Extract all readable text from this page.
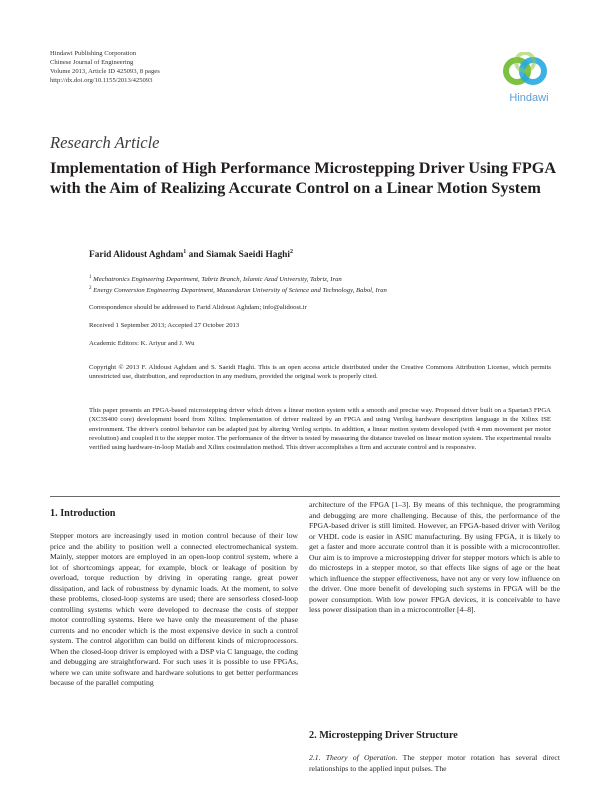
Hindawi Publishing Corporation
Chinese Journal of Engineering
Volume 2013, Article ID 425093, 8 pages
http://dx.doi.org/10.1155/2013/425093
Hindawi
Research Article
Implementation of High Performance Microstepping Driver Using FPGA with the Aim of Realizing Accurate Control on a Linear Motion System
Farid Alidoust Aghdam$^1$ and Siamak Saeidi Haghi$^2$
$^1$ Mechatronics Engineering Department, Tabriz Branch, Islamic Azad University, Tabriz, Iran
$^2$ Energy Conversion Engineering Department, Mazandaran University of Science and Technology, Babol, Iran
Correspondence should be addressed to Farid Alidoust Aghdam; info@alidoost.ir
Received 1 September 2013; Accepted 27 October 2013
Academic Editors: K. Ariyur and J. Wu
Copyright © 2013 F. Alidoust Aghdam and S. Saeidi Haghi. This is an open access article distributed under the Creative Commons Attribution License, which permits unrestricted use, distribution, and reproduction in any medium, provided the original work is properly cited.
This paper presents an FPGA-based microstepping driver which drives a linear motion system with a smooth and precise way. Proposed driver built on a Spartan3 FPGA (XC3S400 core) development board from Xilinx. Implementation of driver realized by an FPGA and using Verilog hardware description language in the Xilinx ISE environment. The driver's control behavior can be adapted just by altering Verilog scripts. In addition, a linear motion system developed (with 4 mm movement per motor revolution) and coupled it to the stepper motor. The performance of the driver is tested by measuring the distance traveled on linear motion system. The experimental results verified using hardware-in-loop Matlab and Xilinx cosimulation method. This driver accomplishes a firm and accurate control and is responsive.
1. Introduction

Stepper motors are increasingly used in motion control because of their low price and the ability to position well a connected electromechanical system. Mainly, stepper motors are employed in an open-loop control system, where a lot of shortcomings appear, for example, block or leakage of position by overload, torque reduction by driving in operating range, great power dissipation, and lack of robustness by dynamic loads. At the moment, to solve these problems, closed-loop systems are used; there are sensorless closed-loop controlling systems which were developed to decrease the costs of stepper motor controlling systems. Here we have only the measurement of the phase currents and no encoder which is the most expensive device in such a control system. The control algorithm can build on different kinds of microprocessors. When the closed-loop driver is employed with a DSP via C language, the coding and debugging are straightforward. For such uses it is possible to use FPGAs, where we can unite software and hardware solutions to get better performances because of the parallel computing

architecture of the FPGA [1–3]. By means of this technique, the programming and debugging are more challenging. Because of this, the performance of the FPGA-based driver is still limited. However, an FPGA-based driver with Verilog or VHDL code is easier in ASIC manufacturing. By using FPGA, it is likely to get a faster and more accurate control than it is possible with a microcontroller. Our aim is to improve a microstepping driver for stepper motors which is able to do microsteps in a stepper motor, so that effects like signs of age or the heat which influence the stepper effectiveness, have not any or very low influence on the driver. One more benefit of developing such systems in FPGA will be the power consumption. With low power FPGA devices, it is conceivable to have less power dissipation than in a microcontroller [4–8].

2. Microstepping Driver Structure
2.1. Theory of Operation. The stepper motor rotation has several direct relationships to the applied input pulses. The
